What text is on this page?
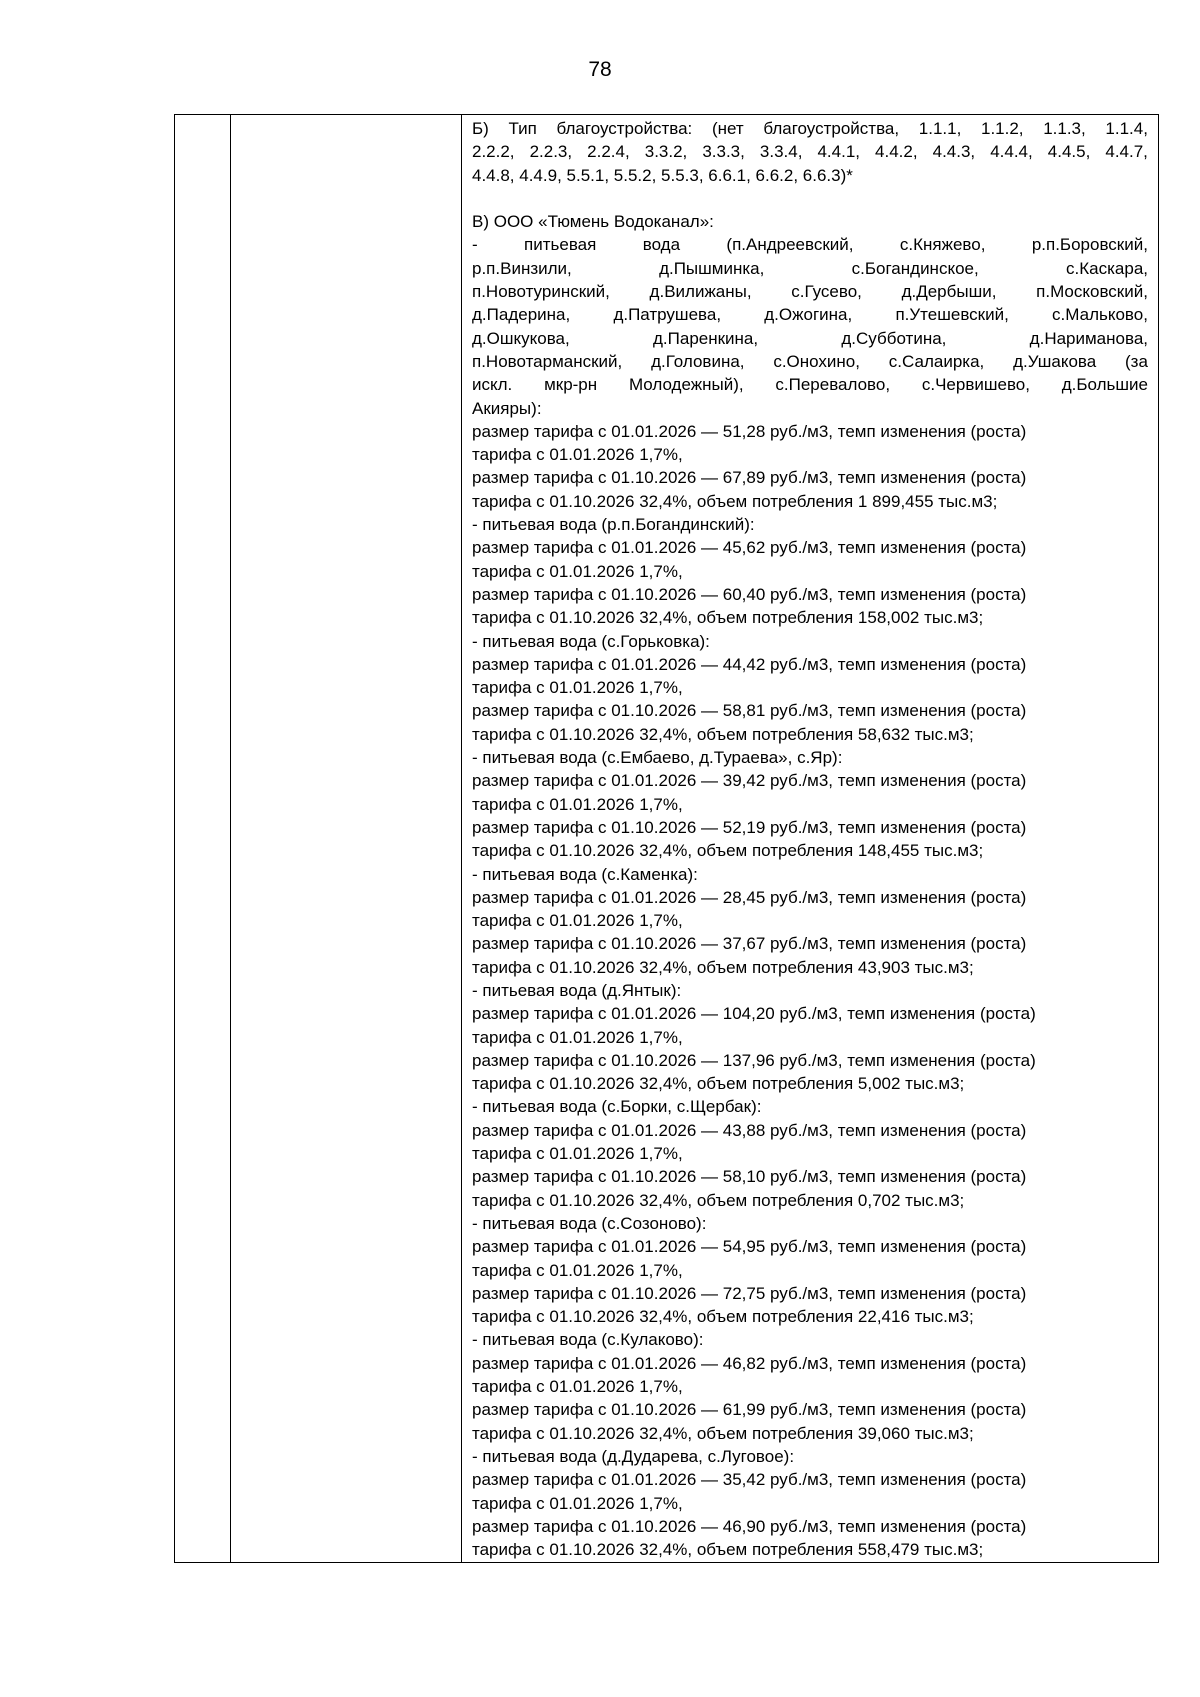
78

Б) Тип благоустройства: (нет благоустройства, 1.1.1, 1.1.2, 1.1.3, 1.1.4,
2.2.2, 2.2.3, 2.2.4, 3.3.2, 3.3.3, 3.3.4, 4.4.1, 4.4.2, 4.4.3, 4.4.4, 4.4.5, 4.4.7,
4.4.8, 4.4.9, 5.5.1, 5.5.2, 5.5.3, 6.6.1, 6.6.2, 6.6.3)*
В) ООО «Тюмень Водоканал»:
-	питьевая	вода	(п.Андреевский,	с.Княжево,	р.п.Боровский,
р.п.Винзили,	д.Пышминка,	с.Богандинское,	с.Каскара,
п.Новотуринский, д.Вилижаны, с.Гусево, д.Дербыши, п.Московский,
д.Падерина,	д.Патрушева,	д.Ожогина,	п.Утешевский,	с.Мальково,
д.Ошкукова,	д.Паренкина,	д.Субботина,	д.Нариманова,
п.Новотарманский, д.Головина, с.Онохино, с.Салаирка, д.Ушакова (за
искл. мкр-рн Молодежный), с.Перевалово, с.Червишево, д.Большие
Акияры):
размер тарифа с 01.01.2026 — 51,28 руб./м3, темп изменения (роста)
тарифа с 01.01.2026 1,7%,
размер тарифа с 01.10.2026 — 67,89 руб./м3, темп изменения (роста)
тарифа с 01.10.2026 32,4%, объем потребления 1 899,455 тыс.м3;
- питьевая вода (р.п.Богандинский):
размер тарифа с 01.01.2026 — 45,62 руб./м3, темп изменения (роста)
тарифа с 01.01.2026 1,7%,
размер тарифа с 01.10.2026 — 60,40 руб./м3, темп изменения (роста)
тарифа с 01.10.2026 32,4%, объем потребления 158,002 тыс.м3;
- питьевая вода (с.Горьковка):
размер тарифа с 01.01.2026 — 44,42 руб./м3, темп изменения (роста)
тарифа с 01.01.2026 1,7%,
размер тарифа с 01.10.2026 — 58,81 руб./м3, темп изменения (роста)
тарифа с 01.10.2026 32,4%, объем потребления 58,632 тыс.м3;
- питьевая вода (с.Ембаево, д.Тураева», с.Яр):
размер тарифа с 01.01.2026 — 39,42 руб./м3, темп изменения (роста)
тарифа с 01.01.2026 1,7%,
размер тарифа с 01.10.2026 — 52,19 руб./м3, темп изменения (роста)
тарифа с 01.10.2026 32,4%, объем потребления 148,455 тыс.м3;
- питьевая вода (с.Каменка):
размер тарифа с 01.01.2026 — 28,45 руб./м3, темп изменения (роста)
тарифа с 01.01.2026 1,7%,
размер тарифа с 01.10.2026 — 37,67 руб./м3, темп изменения (роста)
тарифа с 01.10.2026 32,4%, объем потребления 43,903 тыс.м3;
- питьевая вода (д.Янтык):
размер тарифа с 01.01.2026 — 104,20 руб./м3, темп изменения (роста)
тарифа с 01.01.2026 1,7%,
размер тарифа с 01.10.2026 — 137,96 руб./м3, темп изменения (роста)
тарифа с 01.10.2026 32,4%, объем потребления 5,002 тыс.м3;
- питьевая вода (с.Борки, с.Щербак):
размер тарифа с 01.01.2026 — 43,88 руб./м3, темп изменения (роста)
тарифа с 01.01.2026 1,7%,
размер тарифа с 01.10.2026 — 58,10 руб./м3, темп изменения (роста)
тарифа с 01.10.2026 32,4%, объем потребления 0,702 тыс.м3;
- питьевая вода (с.Созоново):
размер тарифа с 01.01.2026 — 54,95 руб./м3, темп изменения (роста)
тарифа с 01.01.2026 1,7%,
размер тарифа с 01.10.2026 — 72,75 руб./м3, темп изменения (роста)
тарифа с 01.10.2026 32,4%, объем потребления 22,416 тыс.м3;
- питьевая вода (с.Кулаково):
размер тарифа с 01.01.2026 — 46,82 руб./м3, темп изменения (роста)
тарифа с 01.01.2026 1,7%,
размер тарифа с 01.10.2026 — 61,99 руб./м3, темп изменения (роста)
тарифа с 01.10.2026 32,4%, объем потребления 39,060 тыс.м3;
- питьевая вода (д.Дударева, с.Луговое):
размер тарифа с 01.01.2026 — 35,42 руб./м3, темп изменения (роста)
тарифа с 01.01.2026 1,7%,
размер тарифа с 01.10.2026 — 46,90 руб./м3, темп изменения (роста)
тарифа с 01.10.2026 32,4%, объем потребления 558,479 тыс.м3;
